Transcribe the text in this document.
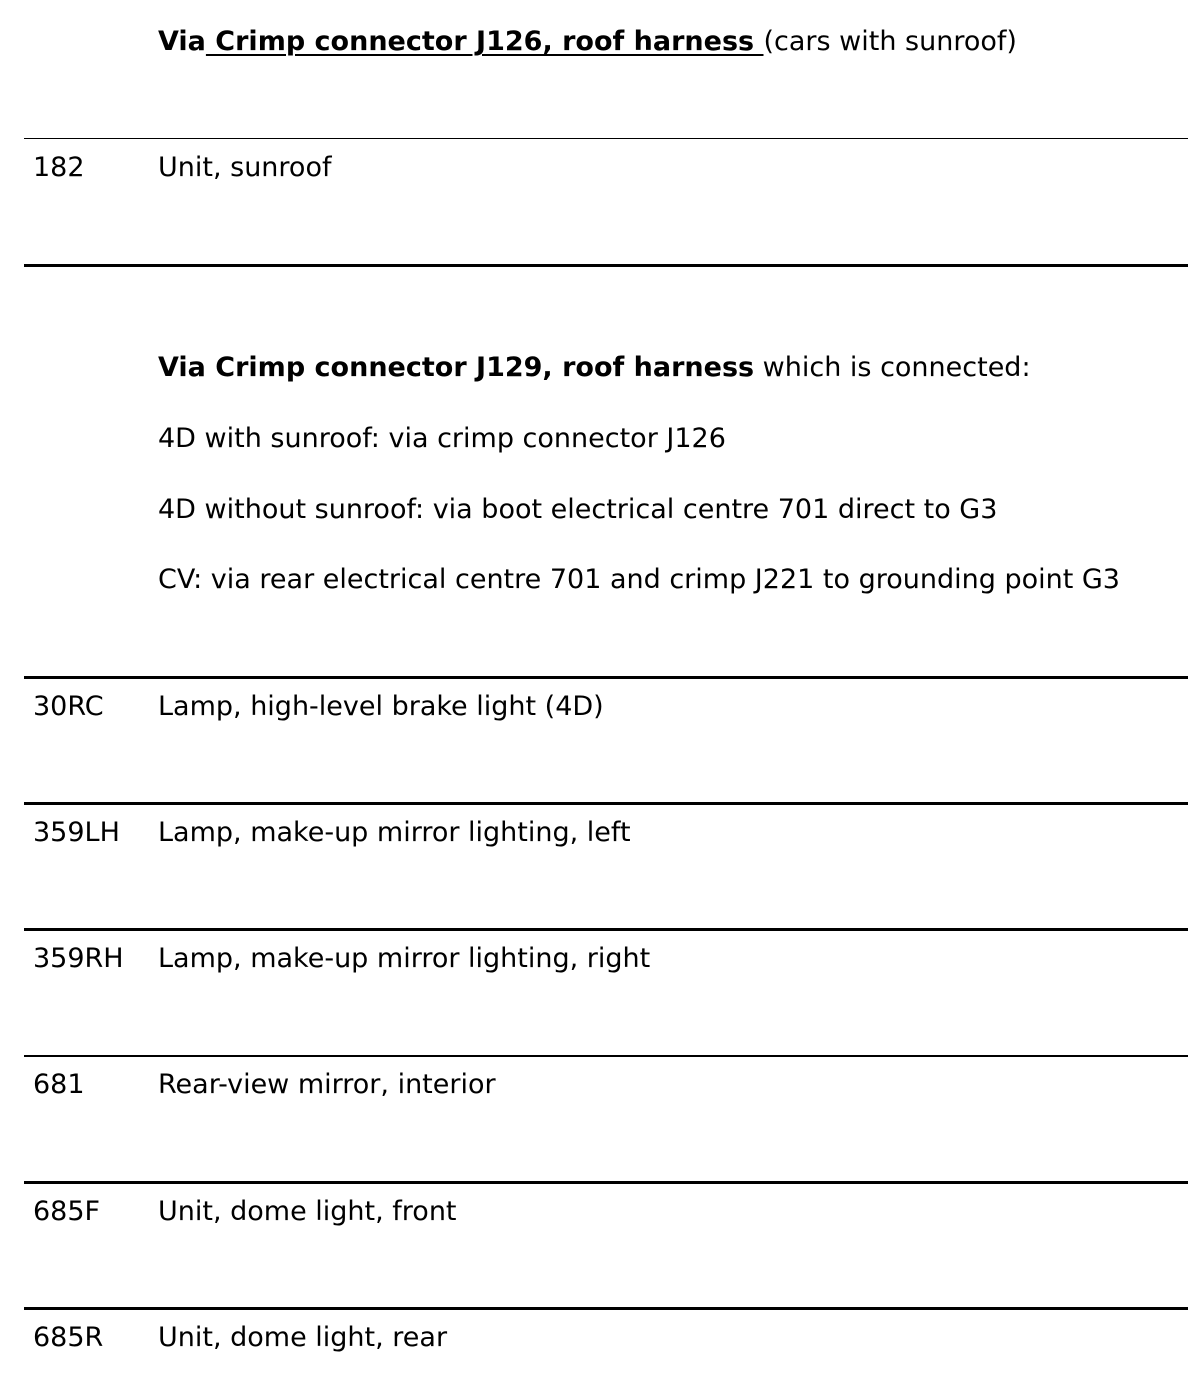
Via Crimp connector J126, roof harness (cars with sunroof)
182	Unit, sunroof
Via Crimp connector J129, roof harness which is connected:
4D with sunroof: via crimp connector J126
4D without sunroof: via boot electrical centre 701 direct to G3
CV: via rear electrical centre 701 and crimp J221 to grounding point G3
30RC Lamp, high-level brake light (4D)
359LH Lamp, make-up mirror lighting, left
359RH Lamp, make-up mirror lighting, right
681	Rear-view mirror, interior
685F Unit, dome light, front
685R Unit, dome light, rear
